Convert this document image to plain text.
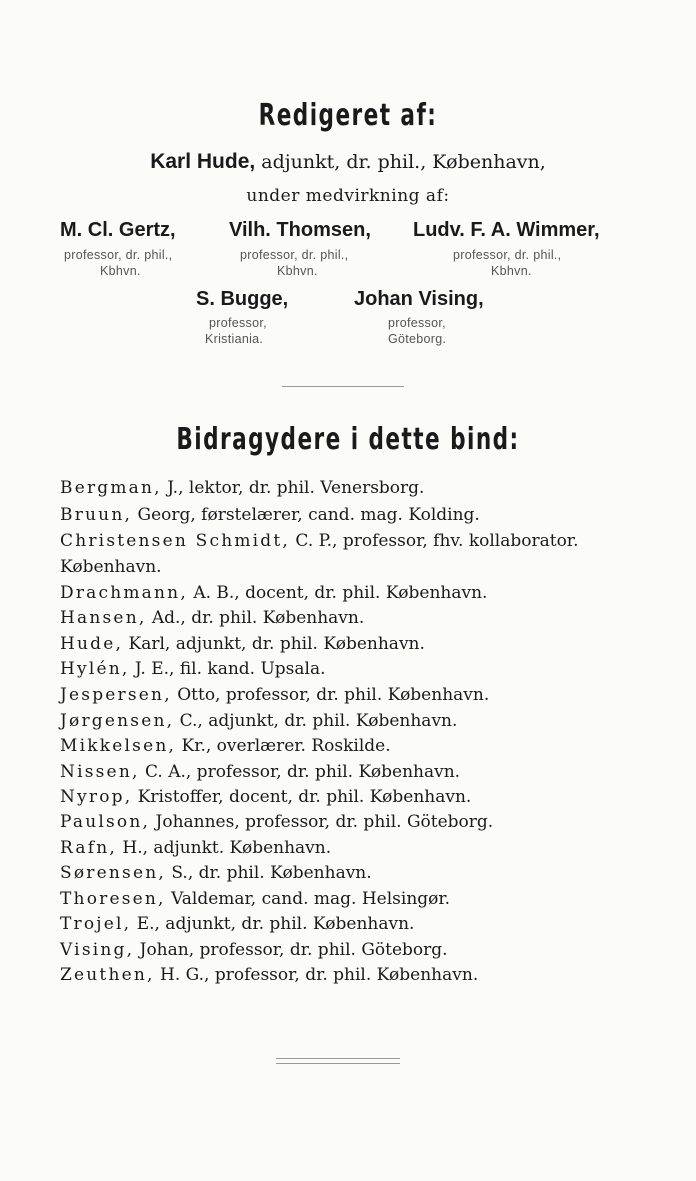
Redigeret af:
Karl Hude, adjunkt, dr. phil., København,
under medvirkning af:
M. Cl. Gertz,
professor, dr. phil.,
Kbhvn.
Vilh. Thomsen,
professor, dr. phil.,
Kbhvn.
Ludv. F. A. Wimmer,
professor, dr. phil.,
Kbhvn.
S. Bugge,
professor,
Kristiania.
Johan Vising,
professor,
Göteborg.
Bidragydere i dette bind:
Bergman, J., lektor, dr. phil. Venersborg.
Bruun, Georg, førstelærer, cand. mag. Kolding.
Christensen Schmidt, C. P., professor, fhv. kollaborator.
København.
Drachmann, A. B., docent, dr. phil. København.
Hansen, Ad., dr. phil. København.
Hude, Karl, adjunkt, dr. phil. København.
Hylén, J. E., fil. kand. Upsala.
Jespersen, Otto, professor, dr. phil. København.
Jørgensen, C., adjunkt, dr. phil. København.
Mikkelsen, Kr., overlærer. Roskilde.
Nissen, C. A., professor, dr. phil. København.
Nyrop, Kristoffer, docent, dr. phil. København.
Paulson, Johannes, professor, dr. phil. Göteborg.
Rafn, H., adjunkt. København.
Sørensen, S., dr. phil. København.
Thoresen, Valdemar, cand. mag. Helsingør.
Trojel, E., adjunkt, dr. phil. København.
Vising, Johan, professor, dr. phil. Göteborg.
Zeuthen, H. G., professor, dr. phil. København.
